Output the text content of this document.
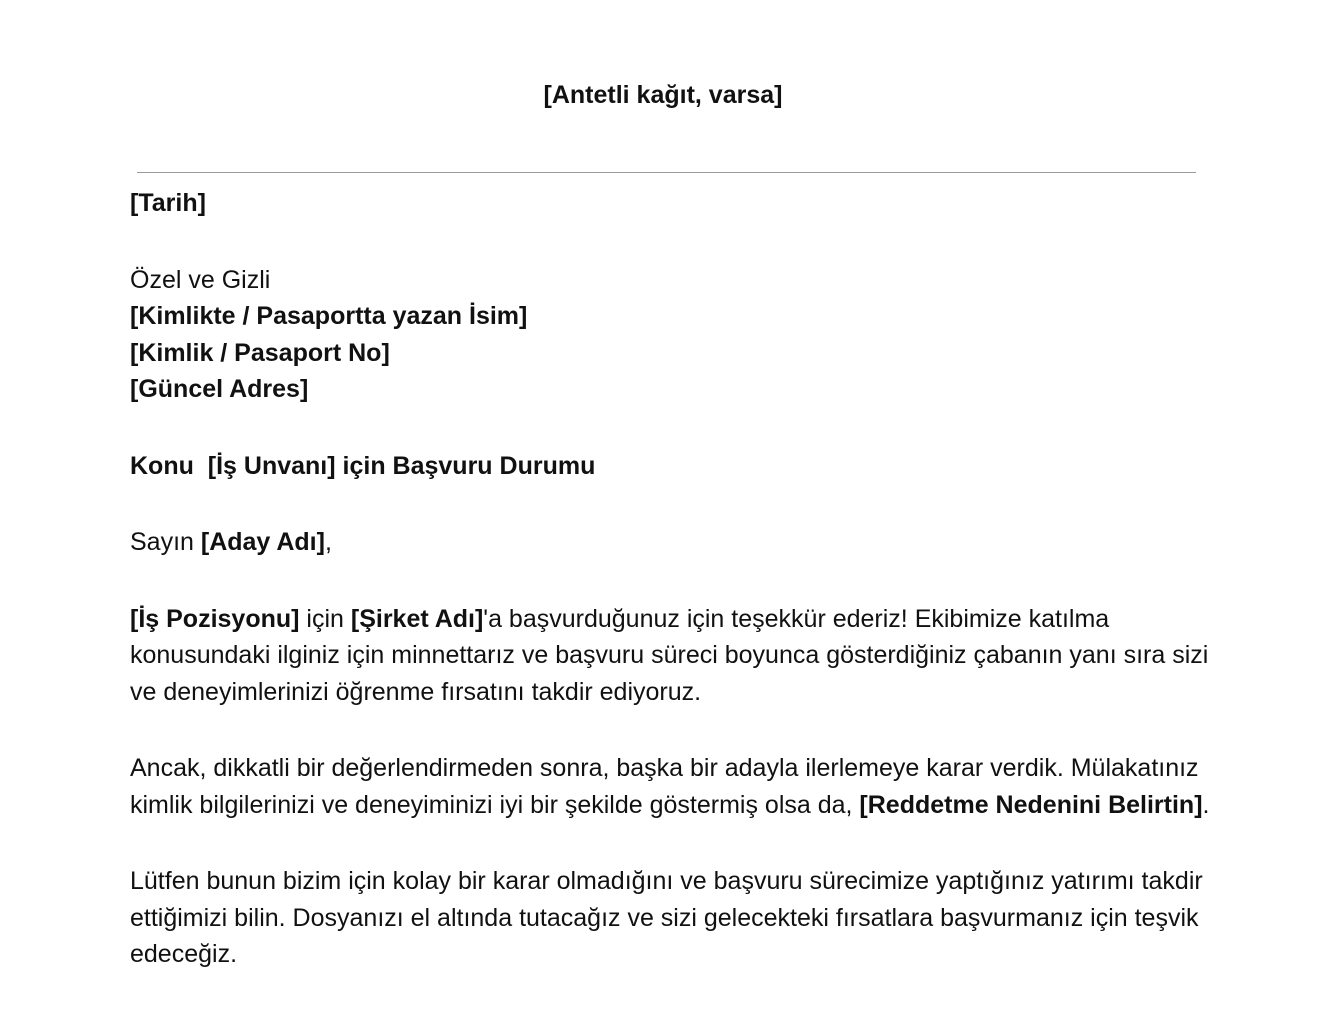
[Antetli kağıt, varsa]

[Tarih]

Özel ve Gizli

[Kimlikte / Pasaportta yazan İsim]

[Kimlik / Pasaport No]

[Güncel Adres]

Konu [İş Unvanı] için Başvuru Durumu

Sayın [Aday Adı],

[İş Pozisyonu] için [Şirket Adı]'a başvurduğunuz için teşekkür ederiz! Ekibimize katılma konusundaki ilginiz için minnettarız ve başvuru süreci boyunca gösterdiğiniz çabanın yanı sıra sizi ve deneyimlerinizi öğrenme fırsatını takdir ediyoruz.

Ancak, dikkatli bir değerlendirmeden sonra, başka bir adayla ilerlemeye karar verdik. Mülakatınız kimlik bilgilerinizi ve deneyiminizi iyi bir şekilde göstermiş olsa da, [Reddetme Nedenini Belirtin].

Lütfen bunun bizim için kolay bir karar olmadığını ve başvuru sürecimize yaptığınız yatırımı takdir ettiğimizi bilin. Dosyanızı el altında tutacağız ve sizi gelecekteki fırsatlara başvurmanız için teşvik edeceğiz.
